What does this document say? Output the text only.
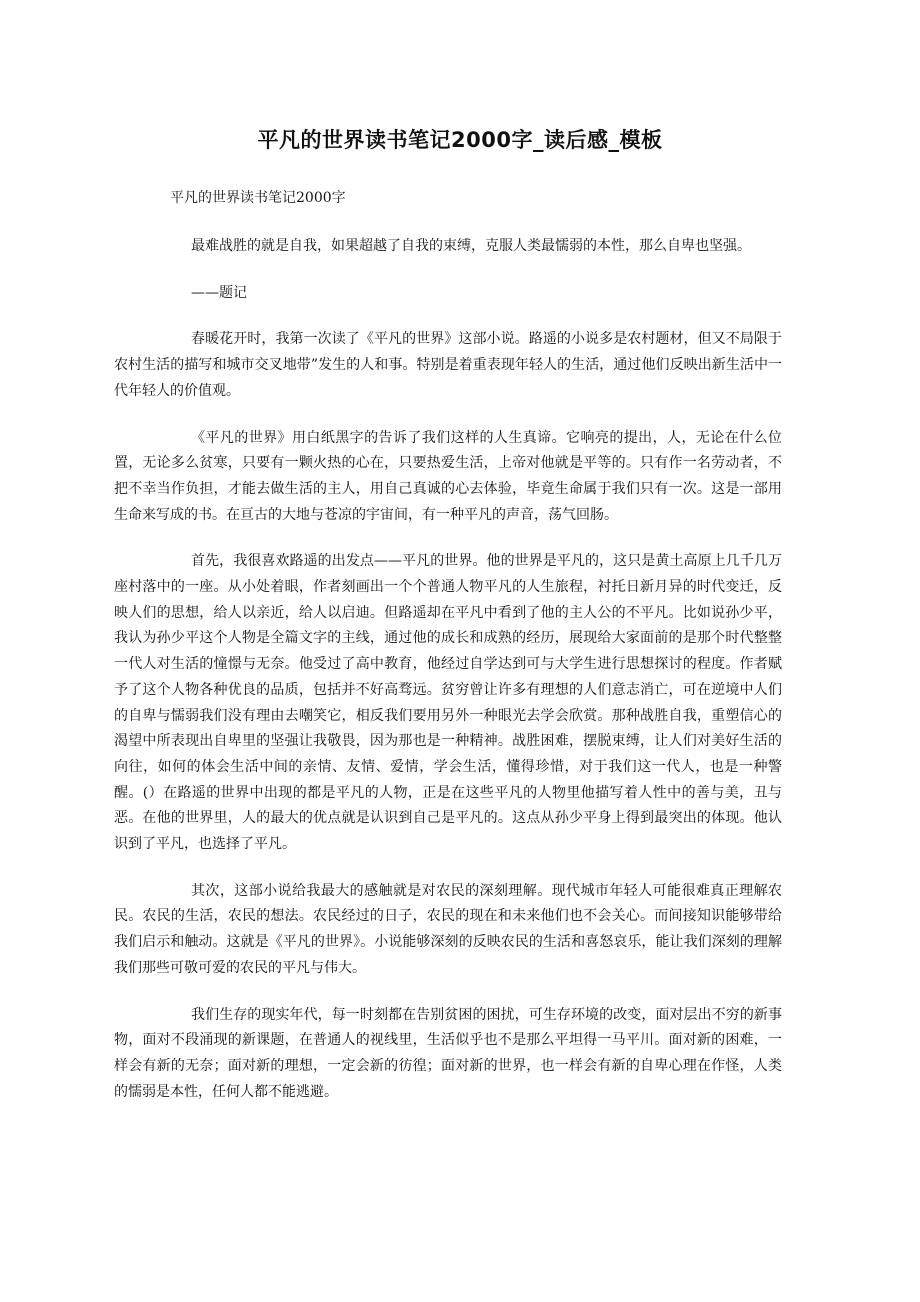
平凡的世界读书笔记2000字_读后感_模板

平凡的世界读书笔记2000字

最难战胜的就是自我，如果超越了自我的束缚，克服人类最懦弱的本性，那么自卑也坚强。

——题记

春暖花开时，我第一次读了《平凡的世界》这部小说。路遥的小说多是农村题材，但又不局限于农村生活的描写和城市交叉地带”发生的人和事。特别是着重表现年轻人的生活，通过他们反映出新生活中一代年轻人的价值观。

《平凡的世界》用白纸黑字的告诉了我们这样的人生真谛。它响亮的提出，人，无论在什么位置，无论多么贫寒，只要有一颗火热的心在，只要热爱生活，上帝对他就是平等的。只有作一名劳动者，不把不幸当作负担，才能去做生活的主人，用自己真诚的心去体验，毕竟生命属于我们只有一次。这是一部用生命来写成的书。在亘古的大地与苍凉的宇宙间，有一种平凡的声音，荡气回肠。

首先，我很喜欢路遥的出发点——平凡的世界。他的世界是平凡的，这只是黄土高原上几千几万 座村落中的一座。从小处着眼，作者刻画出一个个普通人物平凡的人生旅程，衬托日新月异的时代变迁，反映人们的思想，给人以亲近，给人以启迪。但路遥却在平凡中看到了他的主人公的不平凡。比如说孙少平，我认为孙少平这个人物是全篇文字的主线，通过他的成长和成熟的经历，展现给大家面前的是那个时代整整一代人对生活的憧憬与无奈。他受过了高中教育，他经过自学达到可与大学生进行思想探讨的程度。作者赋予了这个人物各种优良的品质，包括并不好高骛远。贫穷曾让许多有理想的人们意志消亡，可在逆境中人们的自卑与懦弱我们没有理由去嘲笑它，相反我们要用另外一种眼光去学会欣赏。那种战胜自我，重塑信心的渴望中所表现出自卑里的坚强让我敬畏，因为那也是一种精神。战胜困难，摆脱束缚，让人们对美好生活的向往，如何的体会生活中间的亲情、友情、爱情，学会生活，懂得珍惜，对于我们这一代人，也是一种警醒。(）在路遥的世界中出现的都是平凡的人物，正是在这些平凡的人物里他描写着人性中的善与美，丑与恶。在他的世界里，人的最大的优点就是认识到自己是平凡的。这点从孙少平身上得到最突出的体现。他认识到了平凡，也选择了平凡。

其次，这部小说给我最大的感触就是对农民的深刻理解。现代城市年轻人可能很难真正理解农民。农民的生活，农民的想法。农民经过的日子，农民的现在和未来他们也不会关心。而间接知识能够带给我们启示和触动。这就是《平凡的世界》。小说能够深刻的反映农民的生活和喜怒哀乐，能让我们深刻的理解我们那些可敬可爱的农民的平凡与伟大。

我们生存的现实年代，每一时刻都在告别贫困的困扰，可生存环境的改变，面对层出不穷的新事物，面对不段涌现的新课题，在普通人的视线里，生活似乎也不是那么平坦得一马平川。面对新的困难，一样会有新的无奈；面对新的理想，一定会新的彷徨；面对新的世界，也一样会有新的自卑心理在作怪，人类的懦弱是本性，任何人都不能逃避。
